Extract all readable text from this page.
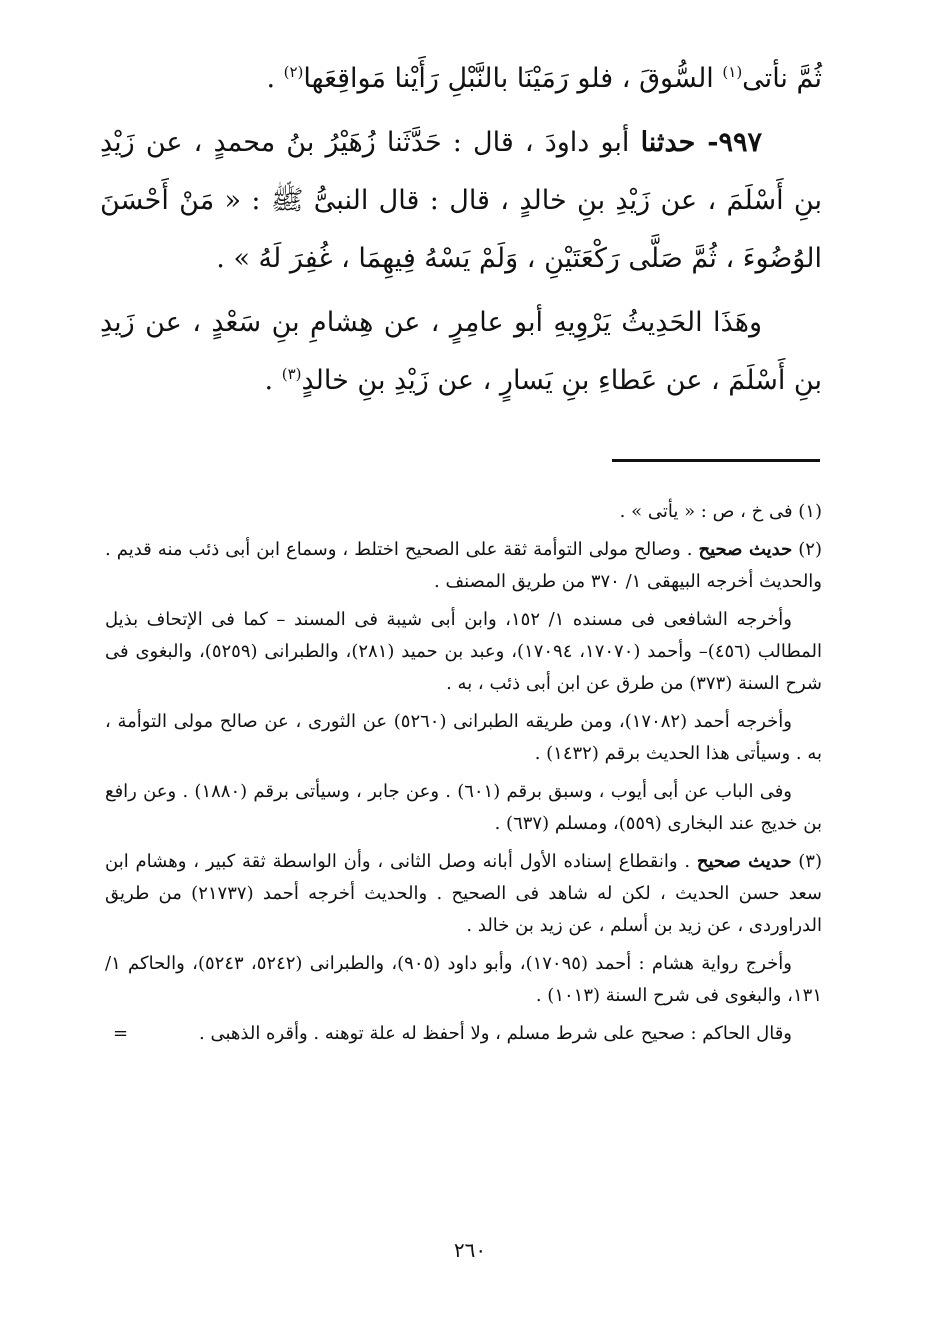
ثُمَّ نأتى$^{(١)}$ السُّوقَ ، فلو رَمَيْنَا بالنَّبْلِ رَأَيْنا مَواقِعَها$^{(٢)}$ .

٩٩٧- حدثنا أبو داودَ ، قال : حَدَّثَنا زُهَيْرُ بنُ محمدٍ ، عن زَيْدِ بنِ أَسْلَمَ ، عن زَيْدِ بنِ خالدٍ ، قال : قال النبىُّ ﷺ : « مَنْ أَحْسَنَ الوُضُوءَ ، ثُمَّ صَلَّى رَكْعَتَيْنِ ، وَلَمْ يَسْهُ فِيهِمَا ، غُفِرَ لَهُ » .

وهَذَا الحَدِيثُ يَرْوِيهِ أبو عامِرٍ ، عن هِشامِ بنِ سَعْدٍ ، عن زَيدِ بنِ أَسْلَمَ ، عن عَطاءِ بنِ يَسارٍ ، عن زَيْدِ بنِ خالدٍ$^{(٣)}$ .

(١) فى خ ، ص : « يأتى » .

(٢) حديث صحيح . وصالح مولى التوأمة ثقة على الصحيح اختلط ، وسماع ابن أبى ذئب منه قديم . والحديث أخرجه البيهقى ١/ ٣٧٠ من طريق المصنف .

وأخرجه الشافعى فى مسنده ١/ ١٥٢، وابن أبى شيبة فى المسند – كما فى الإتحاف بذيل المطالب (٤٥٦)– وأحمد (١٧٠٧٠، ١٧٠٩٤)، وعبد بن حميد (٢٨١)، والطبرانى (٥٢٥٩)، والبغوى فى شرح السنة (٣٧٣) من طرق عن ابن أبى ذئب ، به .

وأخرجه أحمد (١٧٠٨٢)، ومن طريقه الطبرانى (٥٢٦٠) عن الثورى ، عن صالح مولى التوأمة ، به . وسيأتى هذا الحديث برقم (١٤٣٢) .

وفى الباب عن أبى أيوب ، وسبق برقم (٦٠١) . وعن جابر ، وسيأتى برقم (١٨٨٠) . وعن رافع بن خديج عند البخارى (٥٥٩)، ومسلم (٦٣٧) .

(٣) حديث صحيح . وانقطاع إسناده الأول أبانه وصل الثانى ، وأن الواسطة ثقة كبير ، وهشام ابن سعد حسن الحديث ، لكن له شاهد فى الصحيح . والحديث أخرجه أحمد (٢١٧٣٧) من طريق الدراوردى ، عن زيد بن أسلم ، عن زيد بن خالد .

وأخرج رواية هشام : أحمد (١٧٠٩٥)، وأبو داود (٩٠٥)، والطبرانى (٥٢٤٢، ٥٢٤٣)، والحاكم ١/ ١٣١، والبغوى فى شرح السنة (١٠١٣) .

وقال الحاكم : صحيح على شرط مسلم ، ولا أحفظ له علة توهنه . وأقره الذهبى .
=

٢٦٠
